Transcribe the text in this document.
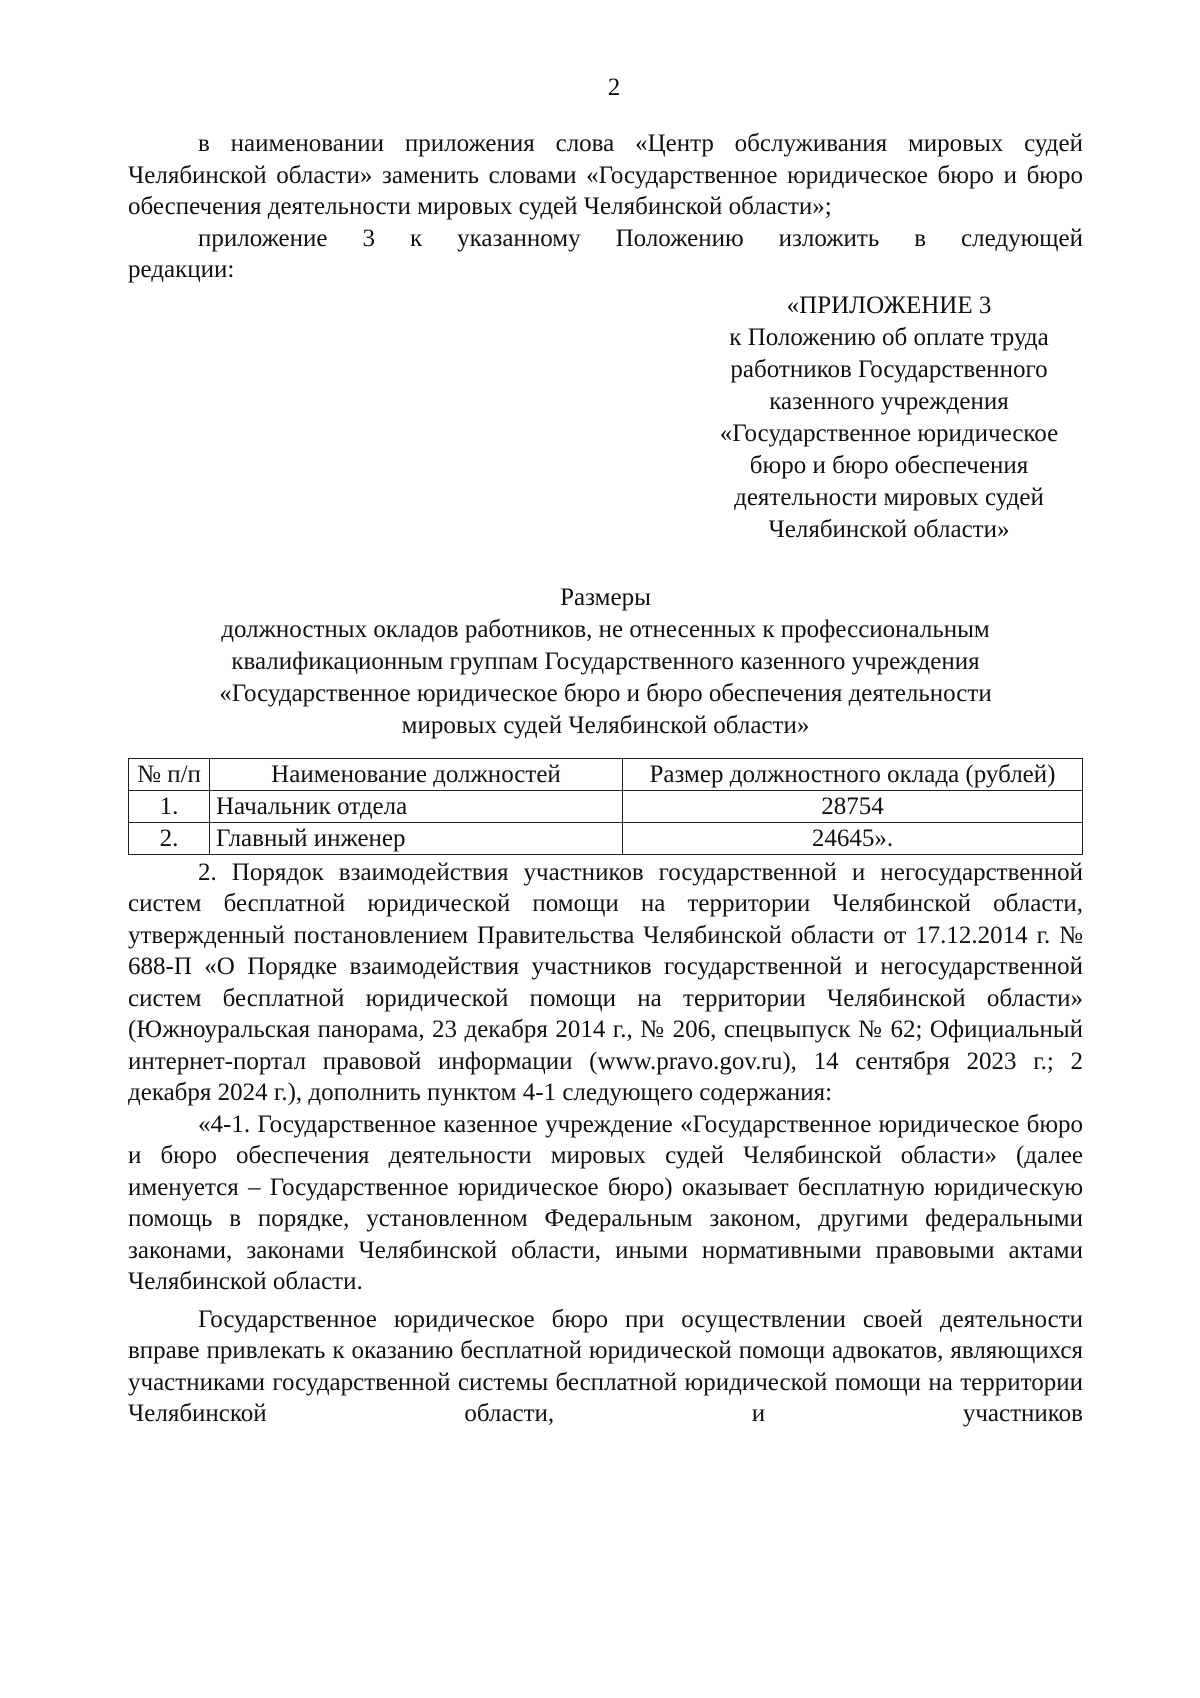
2

в наименовании приложения слова «Центр обслуживания мировых судей Челябинской области» заменить словами «Государственное юридическое бюро и бюро обеспечения деятельности мировых судей Челябинской области»;

приложение 3 к указанному Положению изложить в следующей

редакции:

«ПРИЛОЖЕНИЕ 3
к Положению об оплате труда
работников Государственного
казенного учреждения
«Государственное юридическое
бюро и бюро обеспечения
деятельности мировых судей
Челябинской области»
Размеры
должностных окладов работников, не отнесенных к профессиональным
квалификационным группам Государственного казенного учреждения
«Государственное юридическое бюро и бюро обеспечения деятельности
мировых судей Челябинской области»
№ п/п	Наименование должностей	Размер должностного оклада (рублей)
1.	Начальник отдела	28754
2.	Главный инженер	24645».

2. Порядок взаимодействия участников государственной и негосударственной систем бесплатной юридической помощи на территории Челябинской области, утвержденный постановлением Правительства Челябинской области от 17.12.2014 г. № 688-П «О Порядке взаимодействия участников государственной и негосударственной систем бесплатной юридической помощи на территории Челябинской области» (Южноуральская панорама, 23 декабря 2014 г., № 206, спецвыпуск № 62; Официальный интернет-портал правовой информации (www.pravo.gov.ru), 14 сентября 2023 г.; 2 декабря 2024 г.), дополнить пунктом 4-1 следующего содержания:

«4-1. Государственное казенное учреждение «Государственное юридическое бюро и бюро обеспечения деятельности мировых судей Челябинской области» (далее именуется – Государственное юридическое бюро) оказывает бесплатную юридическую помощь в порядке, установленном Федеральным законом, другими федеральными законами, законами Челябинской области, иными нормативными правовыми актами Челябинской области.

Государственное юридическое бюро при осуществлении своей деятельности вправе привлекать к оказанию бесплатной юридической помощи адвокатов, являющихся участниками государственной системы бесплатной юридической помощи на территории Челябинской области, и участников
